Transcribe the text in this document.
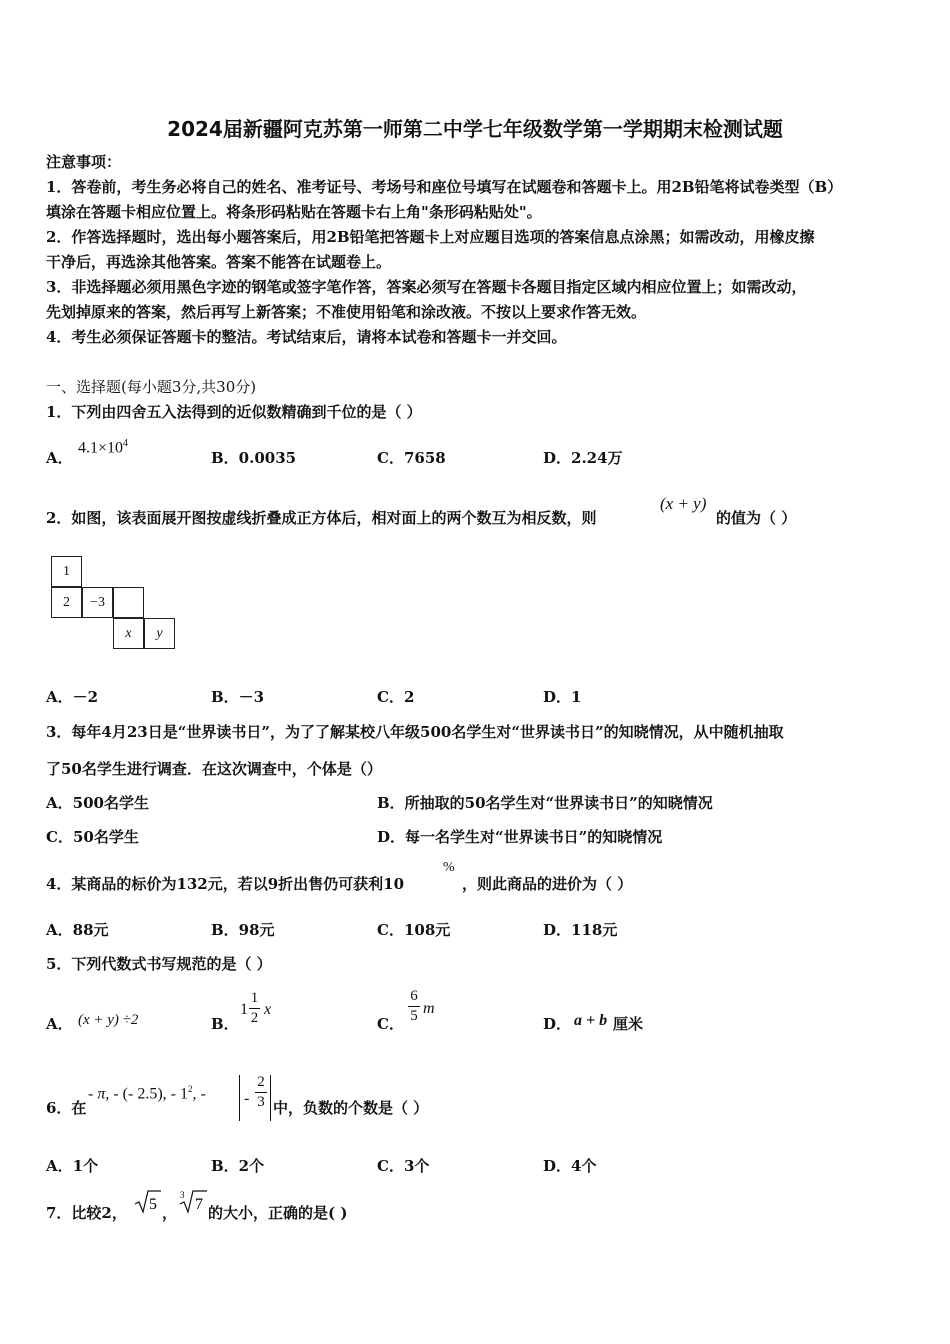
2024届新疆阿克苏第一师第二中学七年级数学第一学期期末检测试题
注意事项：
1．答卷前，考生务必将自己的姓名、准考证号、考场号和座位号填写在试题卷和答题卡上。用2B铅笔将试卷类型（B）
填涂在答题卡相应位置上。将条形码粘贴在答题卡右上角"条形码粘贴处"。
2．作答选择题时，选出每小题答案后，用2B铅笔把答题卡上对应题目选项的答案信息点涂黑；如需改动，用橡皮擦
干净后，再选涂其他答案。答案不能答在试题卷上。
3．非选择题必须用黑色字迹的钢笔或签字笔作答，答案必须写在答题卡各题目指定区域内相应位置上；如需改动，
先划掉原来的答案，然后再写上新答案；不准使用铅笔和涂改液。不按以上要求作答无效。
4．考生必须保证答题卡的整洁。考试结束后，请将本试卷和答题卡一并交回。
一、选择题(每小题3分,共30分)
1．下列由四舍五入法得到的近似数精确到千位的是（ ）
A．
$4.1\times 10^4$
B．0.0035	C．7658	D．2.24万
2．如图，该表面展开图按虚线折叠成正方体后，相对面上的两个数互为相反数，则
(x + y)
的值为（ ）
1
2	−3
x	y
A．－2	B．－3	C．2	D．1
3．每年4月23日是“世界读书日”，为了了解某校八年级500名学生对“世界读书日”的知晓情况，从中随机抽取
了50名学生进行调查．在这次调查中，个体是（）
A．500名学生	B．所抽取的50名学生对“世界读书日”的知晓情况
C．50名学生	D．每一名学生对“世界读书日”的知晓情况
4．某商品的标价为132元，若以9折出售仍可获利10
%
，则此商品的进价为（ ）
A．88元	B．98元	C．108元	D．118元
5．下列代数式书写规范的是（ ）
A． (x + y) ÷2	B．
1
1
2 x
C．
6
5 m
D． a + b 厘米
6．在
- π, - (- 2.5), - $1^2$, - -
2
3 中，负数的个数是（ ）
A．1个	B．2个	C．3个	D．4个
7．比较2， 5 ，
3
7 的大小，正确的是( )
